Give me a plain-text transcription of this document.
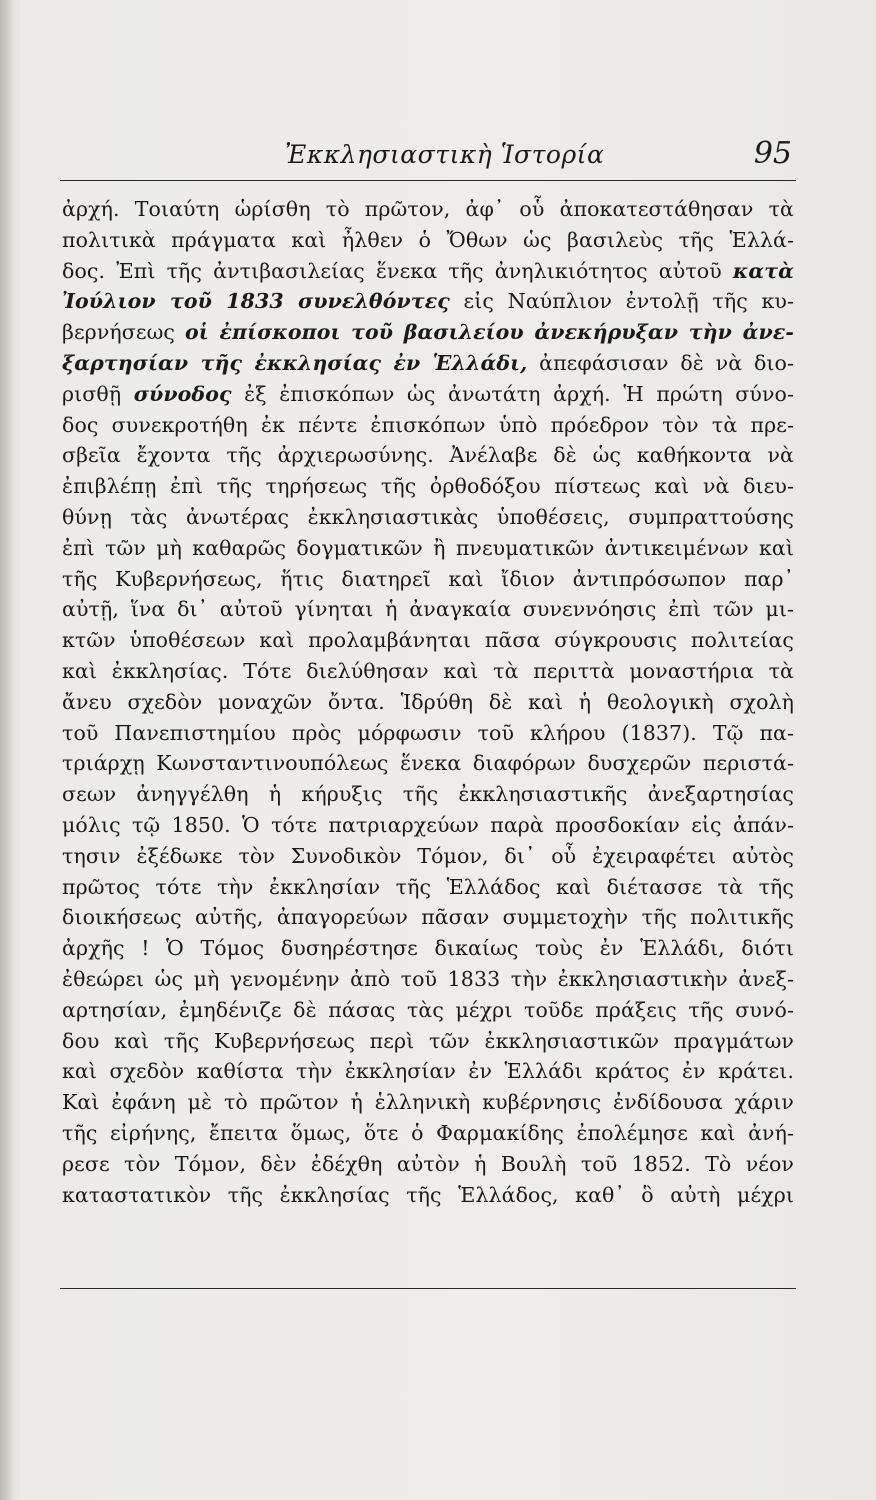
Ἐκκλησιαστικὴ Ἱστορία	95
ἀρχή. Τοιαύτη ὡρίσθη τὸ πρῶτον, ἀφ᾽ οὗ ἀποκατεστάθησαν τὰ
πολιτικὰ πράγματα καὶ ἦλθεν ὁ Ὄθων ὡς βασιλεὺς τῆς Ἑλλά-
δος. Ἐπὶ τῆς ἀντιβασιλείας ἕνεκα τῆς ἀνηλικιότητος αὐτοῦ κατὰ
Ἰούλιον τοῦ 1833 συνελθόντες εἰς Ναύπλιον ἐντολῇ τῆς κυ-
βερνήσεως οἱ ἐπίσκοποι τοῦ βασιλείου ἀνεκήρυξαν τὴν ἀνε-
ξαρτησίαν τῆς ἐκκλησίας ἐν Ἑλλάδι, ἀπεφάσισαν δὲ νὰ διο-
ρισθῇ σύνοδος ἐξ ἐπισκόπων ὡς ἀνωτάτη ἀρχή. Ἡ πρώτη σύνο-
δος συνεκροτήθη ἐκ πέντε ἐπισκόπων ὑπὸ πρόεδρον τὸν τὰ πρε-
σβεῖα ἔχοντα τῆς ἀρχιερωσύνης. Ἀνέλαβε δὲ ὡς καθήκοντα νὰ
ἐπιβλέπῃ ἐπὶ τῆς τηρήσεως τῆς ὀρθοδόξου πίστεως καὶ νὰ διευ-
θύνῃ τὰς ἀνωτέρας ἐκκλησιαστικὰς ὑποθέσεις, συμπραττούσης
ἐπὶ τῶν μὴ καθαρῶς δογματικῶν ἢ πνευματικῶν ἀντικειμένων καὶ
τῆς Κυβερνήσεως, ἥτις διατηρεῖ καὶ ἴδιον ἀντιπρόσωπον παρ᾽
αὐτῇ, ἵνα δι᾽ αὐτοῦ γίνηται ἡ ἀναγκαία συνεννόησις ἐπὶ τῶν μι-
κτῶν ὑποθέσεων καὶ προλαμβάνηται πᾶσα σύγκρουσις πολιτείας
καὶ ἐκκλησίας. Τότε διελύθησαν καὶ τὰ περιττὰ μοναστήρια τὰ
ἄνευ σχεδὸν μοναχῶν ὄντα. Ἱδρύθη δὲ καὶ ἡ θεολογικὴ σχολὴ
τοῦ Πανεπιστημίου πρὸς μόρφωσιν τοῦ κλήρου (1837). Τῷ πα-
τριάρχῃ Κωνσταντινουπόλεως ἕνεκα διαφόρων δυσχερῶν περιστά-
σεων ἀνηγγέλθη ἡ κήρυξις τῆς ἐκκλησιαστικῆς ἀνεξαρτησίας
μόλις τῷ 1850. Ὁ τότε πατριαρχεύων παρὰ προσδοκίαν εἰς ἀπάν-
τησιν ἐξέδωκε τὸν Συνοδικὸν Τόμον, δι᾽ οὗ ἐχειραφέτει αὐτὸς
πρῶτος τότε τὴν ἐκκλησίαν τῆς Ἑλλάδος καὶ διέτασσε τὰ τῆς
διοικήσεως αὐτῆς, ἀπαγορεύων πᾶσαν συμμετοχὴν τῆς πολιτικῆς
ἀρχῆς ! Ὁ Τόμος δυσηρέστησε δικαίως τοὺς ἐν Ἑλλάδι, διότι
ἐθεώρει ὡς μὴ γενομένην ἀπὸ τοῦ 1833 τὴν ἐκκλησιαστικὴν ἀνεξ-
αρτησίαν, ἐμηδένιζε δὲ πάσας τὰς μέχρι τοῦδε πράξεις τῆς συνό-
δου καὶ τῆς Κυβερνήσεως περὶ τῶν ἐκκλησιαστικῶν πραγμάτων
καὶ σχεδὸν καθίστα τὴν ἐκκλησίαν ἐν Ἑλλάδι κράτος ἐν κράτει.
Καὶ ἐφάνη μὲ τὸ πρῶτον ἡ ἑλληνικὴ κυβέρνησις ἐνδίδουσα χάριν
τῆς εἰρήνης, ἔπειτα ὅμως, ὅτε ὁ Φαρμακίδης ἐπολέμησε καὶ ἀνή-
ρεσε τὸν Τόμον, δὲν ἐδέχθη αὐτὸν ἡ Βουλὴ τοῦ 1852. Τὸ νέον
καταστατικὸν τῆς ἐκκλησίας τῆς Ἑλλάδος, καθ᾽ ὃ αὐτὴ μέχρι
